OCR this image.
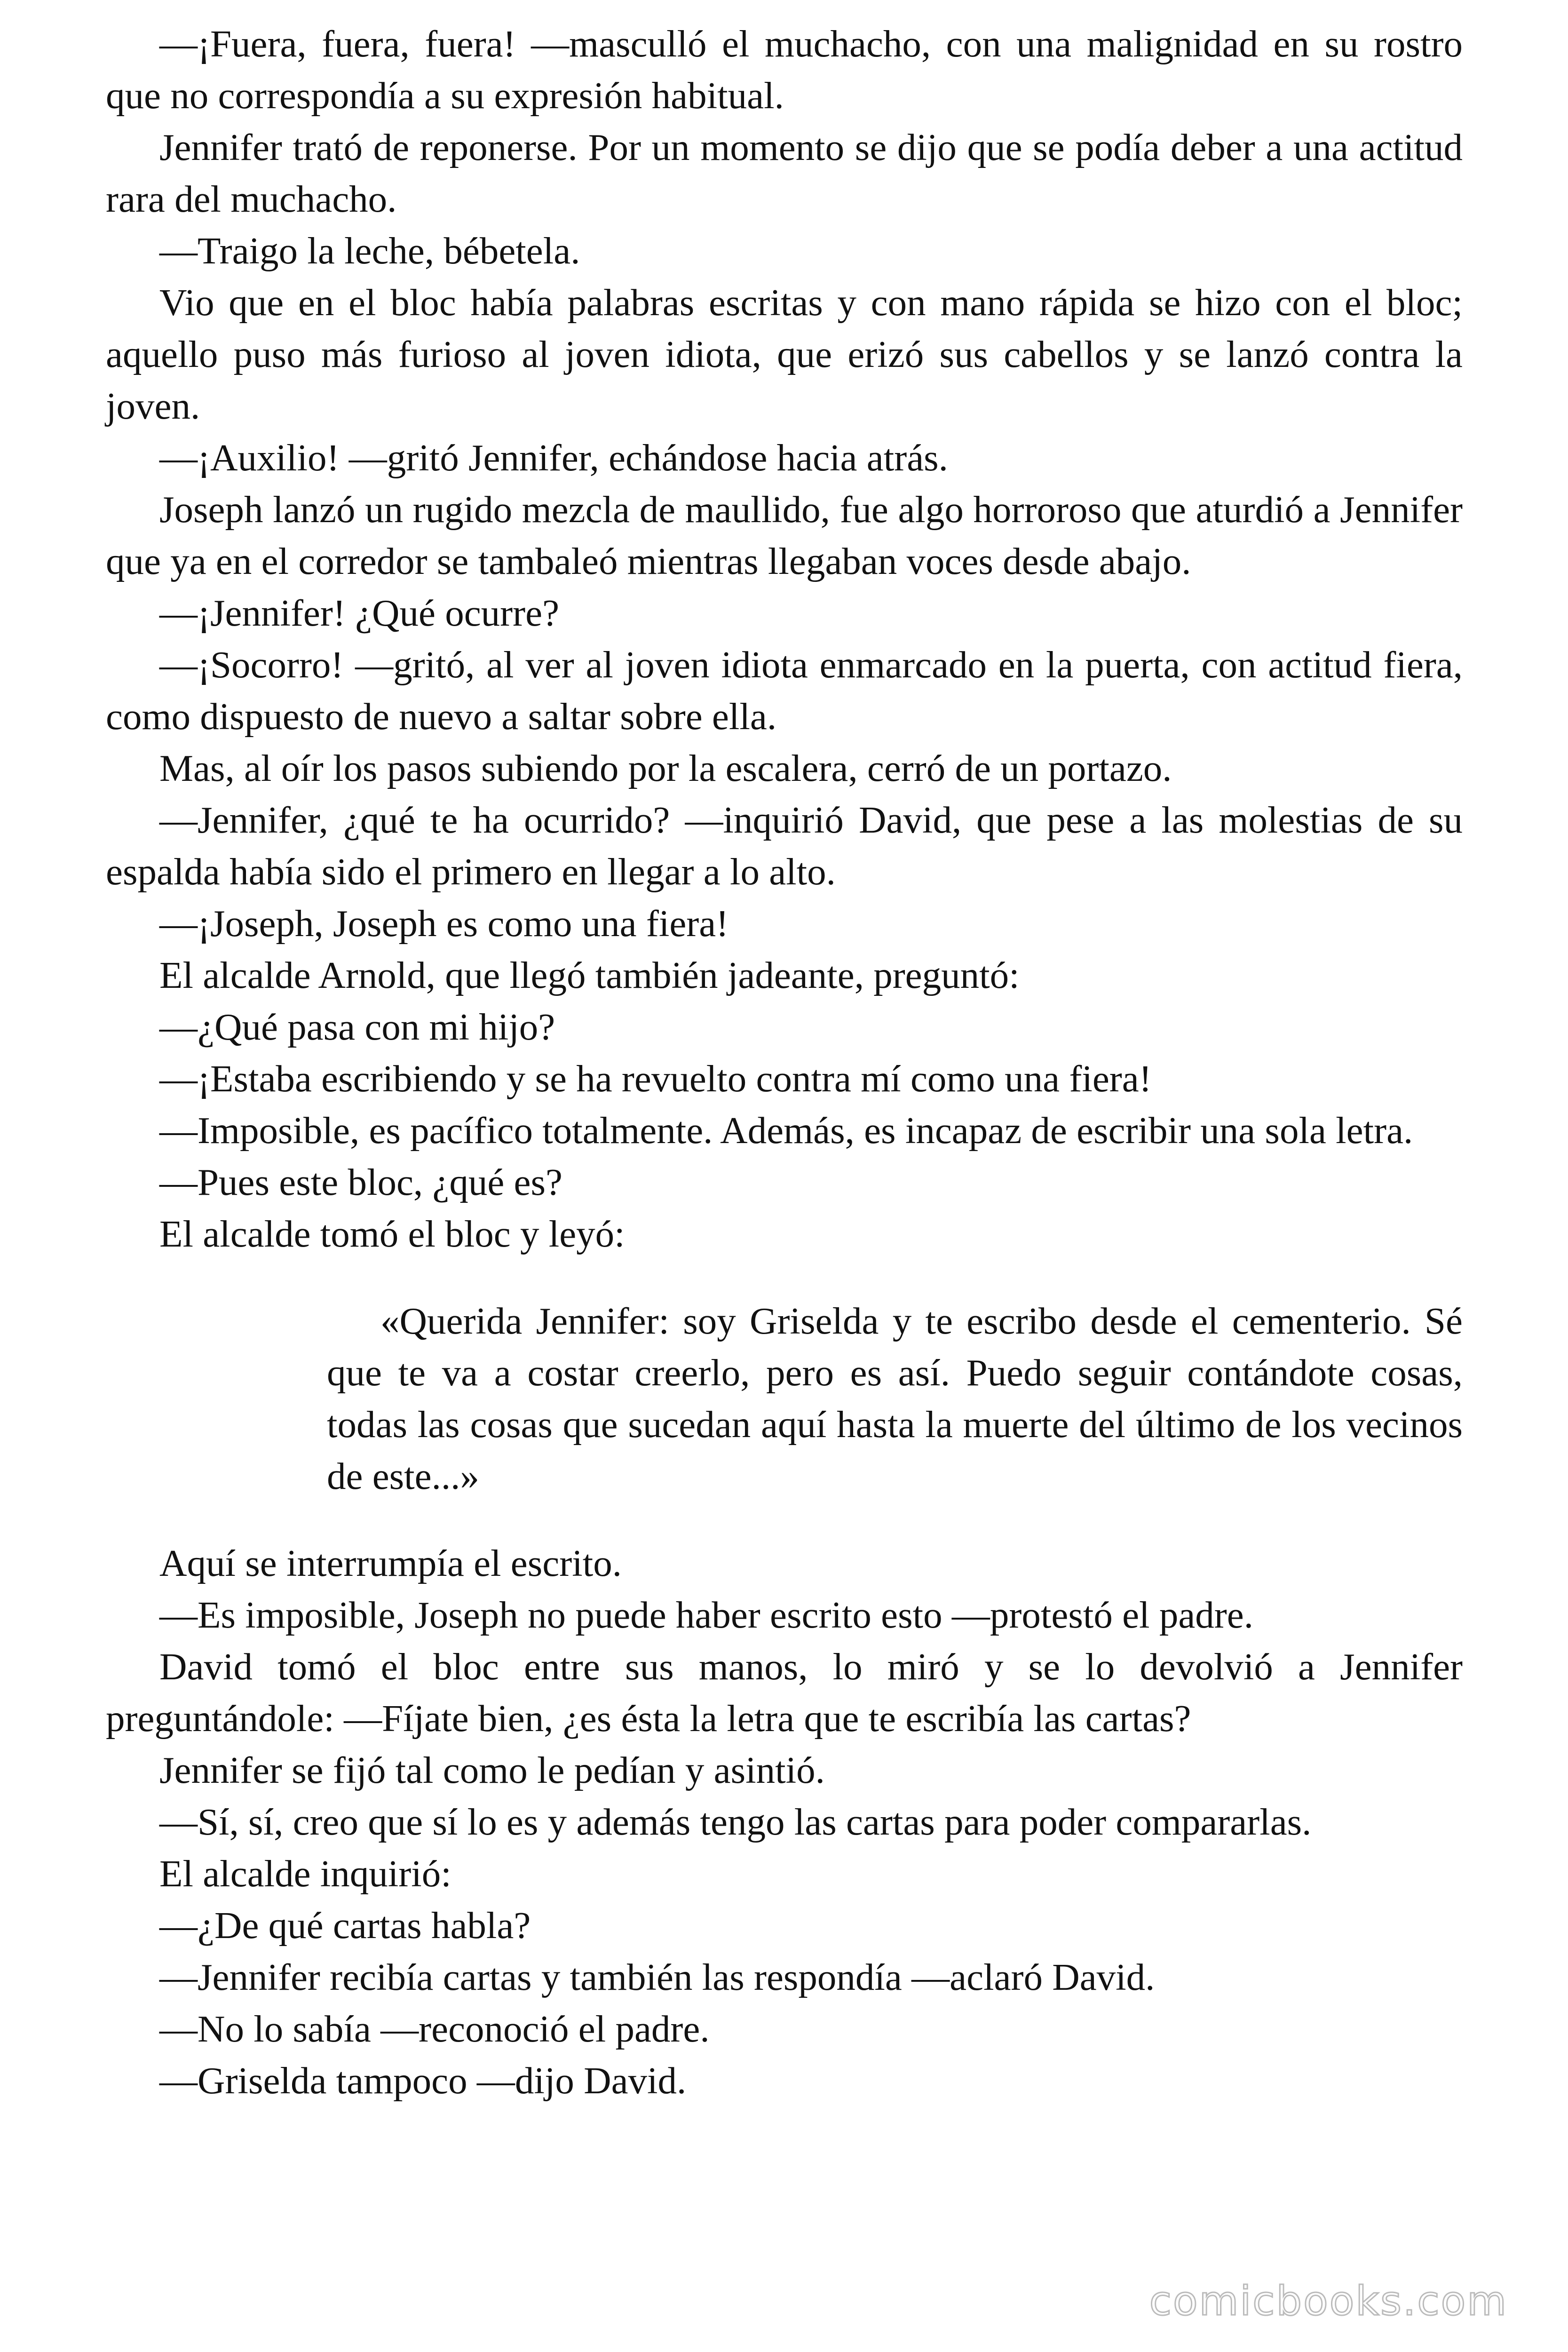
—¡Fuera, fuera, fuera! —masculló el muchacho, con una malignidad en su rostro que no correspondía a su expresión habitual.

Jennifer trató de reponerse. Por un momento se dijo que se podía deber a una actitud rara del muchacho.

—Traigo la leche, bébetela.

Vio que en el bloc había palabras escritas y con mano rápida se hizo con el bloc; aquello puso más furioso al joven idiota, que erizó sus cabellos y se lanzó contra la joven.

—¡Auxilio! —gritó Jennifer, echándose hacia atrás.

Joseph lanzó un rugido mezcla de maullido, fue algo horroroso que aturdió a Jennifer que ya en el corredor se tambaleó mientras llegaban voces desde abajo.

—¡Jennifer! ¿Qué ocurre?

—¡Socorro! —gritó, al ver al joven idiota enmarcado en la puerta, con actitud fiera, como dispuesto de nuevo a saltar sobre ella.

Mas, al oír los pasos subiendo por la escalera, cerró de un portazo.

—Jennifer, ¿qué te ha ocurrido? —inquirió David, que pese a las molestias de su espalda había sido el primero en llegar a lo alto.

—¡Joseph, Joseph es como una fiera!

El alcalde Arnold, que llegó también jadeante, preguntó:

—¿Qué pasa con mi hijo?

—¡Estaba escribiendo y se ha revuelto contra mí como una fiera!

—Imposible, es pacífico totalmente. Además, es incapaz de escribir una sola letra.

—Pues este bloc, ¿qué es?

El alcalde tomó el bloc y leyó:

«Querida Jennifer: soy Griselda y te escribo desde el cementerio. Sé que te va a costar creerlo, pero es así. Puedo seguir contándote cosas, todas las cosas que sucedan aquí hasta la muerte del último de los vecinos de este...»

Aquí se interrumpía el escrito.

—Es imposible, Joseph no puede haber escrito esto —protestó el padre.

David tomó el bloc entre sus manos, lo miró y se lo devolvió a Jennifer preguntándole: —Fíjate bien, ¿es ésta la letra que te escribía las cartas?

Jennifer se fijó tal como le pedían y asintió.

—Sí, sí, creo que sí lo es y además tengo las cartas para poder compararlas.

El alcalde inquirió:

—¿De qué cartas habla?

—Jennifer recibía cartas y también las respondía —aclaró David.

—No lo sabía —reconoció el padre.

—Griselda tampoco —dijo David.

comicbooks.com
